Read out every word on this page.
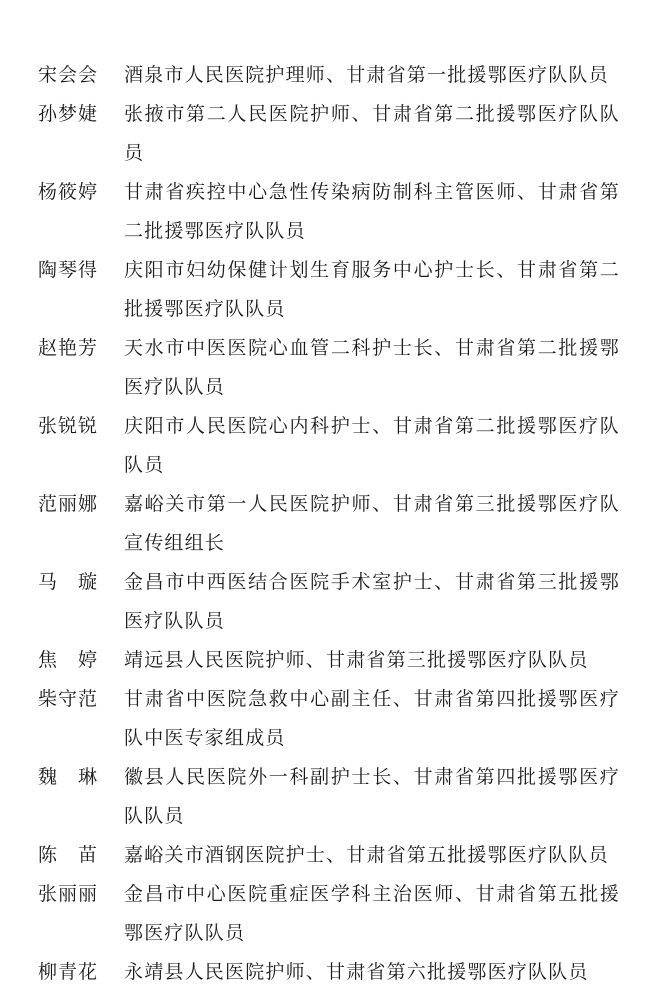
宋会会	酒泉市人民医院护理师、甘肃省第一批援鄂医疗队队员
孙梦婕	张掖市第二人民医院护师、甘肃省第二批援鄂医疗队队员
杨筱婷	甘肃省疾控中心急性传染病防制科主管医师、甘肃省第二批援鄂医疗队队员
陶琴得	庆阳市妇幼保健计划生育服务中心护士长、甘肃省第二批援鄂医疗队队员
赵艳芳	天水市中医医院心血管二科护士长、甘肃省第二批援鄂医疗队队员
张锐锐	庆阳市人民医院心内科护士、甘肃省第二批援鄂医疗队队员
范丽娜	嘉峪关市第一人民医院护师、甘肃省第三批援鄂医疗队宣传组组长
马　璇	金昌市中西医结合医院手术室护士、甘肃省第三批援鄂医疗队队员
焦　婷	靖远县人民医院护师、甘肃省第三批援鄂医疗队队员
柴守范	甘肃省中医院急救中心副主任、甘肃省第四批援鄂医疗队中医专家组成员
魏　琳	徽县人民医院外一科副护士长、甘肃省第四批援鄂医疗队队员
陈　苗	嘉峪关市酒钢医院护士、甘肃省第五批援鄂医疗队队员
张丽丽	金昌市中心医院重症医学科主治医师、甘肃省第五批援鄂医疗队队员
柳青花	永靖县人民医院护师、甘肃省第六批援鄂医疗队队员
